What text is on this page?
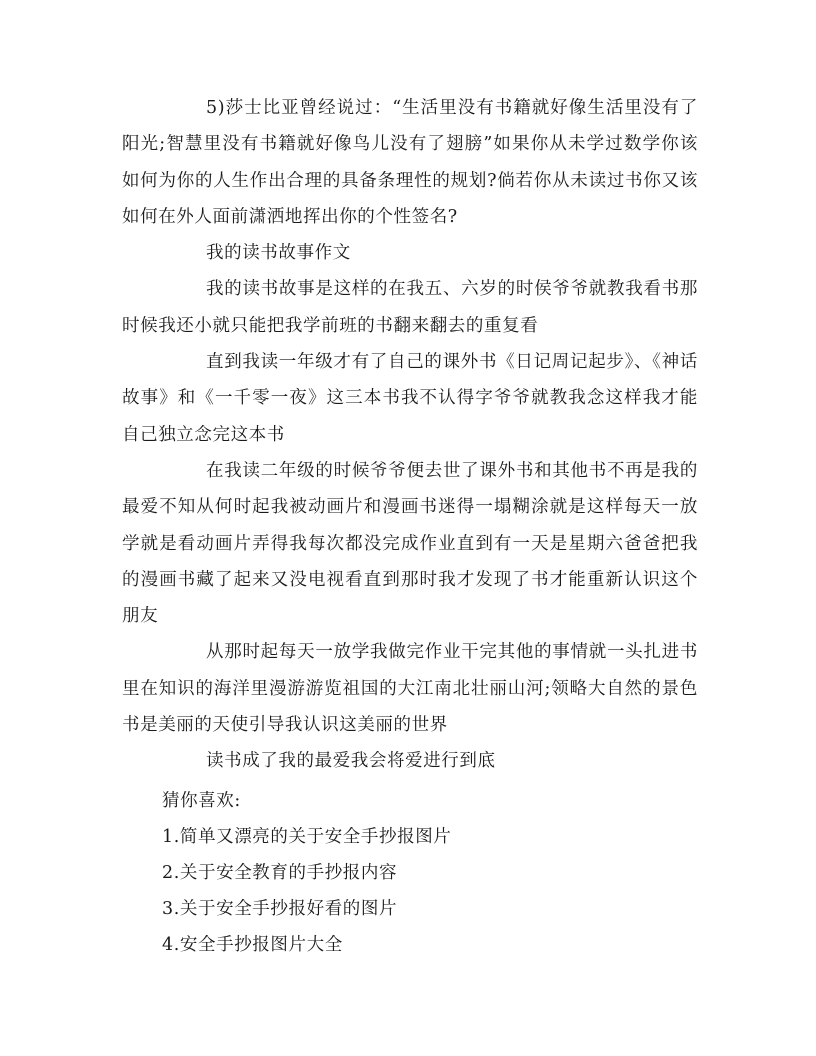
5)莎士比亚曾经说过：“生活里没有书籍就好像生活里没有了阳光;智慧里没有书籍就好像鸟儿没有了翅膀”如果你从未学过数学你该如何为你的人生作出合理的具备条理性的规划?倘若你从未读过书你又该如何在外人面前潇洒地挥出你的个性签名?

我的读书故事作文

我的读书故事是这样的在我五、六岁的时侯爷爷就教我看书那时候我还小就只能把我学前班的书翻来翻去的重复看

直到我读一年级才有了自己的课外书《日记周记起步》、《神话故事》和《一千零一夜》这三本书我不认得字爷爷就教我念这样我才能自己独立念完这本书

在我读二年级的时候爷爷便去世了课外书和其他书不再是我的最爱不知从何时起我被动画片和漫画书迷得一塌糊涂就是这样每天一放学就是看动画片弄得我每次都没完成作业直到有一天是星期六爸爸把我的漫画书藏了起来又没电视看直到那时我才发现了书才能重新认识这个朋友

从那时起每天一放学我做完作业干完其他的事情就一头扎进书里在知识的海洋里漫游游览祖国的大江南北壮丽山河;领略大自然的景色书是美丽的天使引导我认识这美丽的世界

读书成了我的最爱我会将爱进行到底

猜你喜欢:

1.简单又漂亮的关于安全手抄报图片

2.关于安全教育的手抄报内容

3.关于安全手抄报好看的图片

4.安全手抄报图片大全
